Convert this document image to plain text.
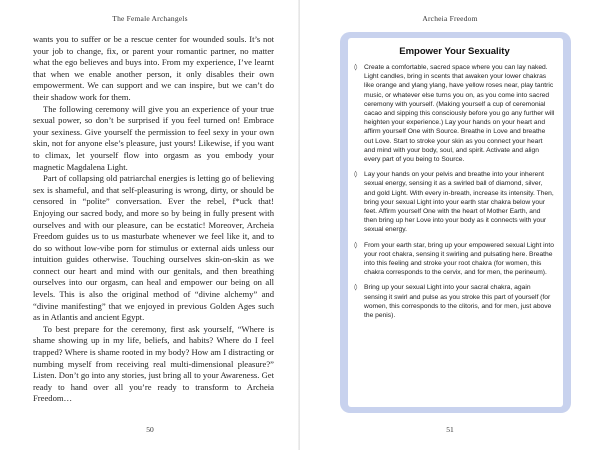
The Female Archangels

wants you to suffer or be a rescue center for wounded souls. It’s not your job to change, fix, or parent your romantic partner, no matter what the ego believes and buys into. From my experience, I’ve learnt that when we enable another person, it only disables their own empowerment. We can support and we can inspire, but we can’t do their shadow work for them.

The following ceremony will give you an experience of your true sexual power, so don’t be surprised if you feel turned on! Embrace your sexiness. Give yourself the permission to feel sexy in your own skin, not for anyone else’s pleasure, just yours! Likewise, if you want to climax, let yourself flow into orgasm as you embody your magnetic Magdalena Light.

Part of collapsing old patriarchal energies is letting go of believing sex is shameful, and that self-pleasuring is wrong, dirty, or should be censored in “polite” conversation. Ever the rebel, f*uck that! Enjoying our sacred body, and more so by being in fully present with ourselves and with our pleasure, can be ecstatic! Moreover, Archeia Freedom guides us to us masturbate whenever we feel like it, and to do so without low-vibe porn for stimulus or external aids unless our intuition guides otherwise. Touching ourselves skin-on-skin as we connect our heart and mind with our genitals, and then breathing ourselves into our orgasm, can heal and empower our being on all levels. This is also the original method of “divine alchemy” and “divine manifesting” that we enjoyed in previous Golden Ages such as in Atlantis and ancient Egypt.

To best prepare for the ceremony, first ask yourself, “Where is shame showing up in my life, beliefs, and habits? Where do I feel trapped? Where is shame rooted in my body? How am I distracting or numbing myself from receiving real multi-dimensional pleasure?” Listen. Don’t go into any stories, just bring all to your Awareness. Get ready to hand over all you’re ready to transform to Archeia Freedom…

50
Archeia Freedom
Empower Your Sexuality
◊	Create a comfortable, sacred space where you can lay naked. Light candles, bring in scents that awaken your lower chakras like orange and ylang ylang, have yellow roses near, play tantric music, or whatever else turns you on, as you come into sacred ceremony with yourself. (Making yourself a cup of ceremonial cacao and sipping this consciously before you go any further will heighten your experience.) Lay your hands on your heart and affirm yourself One with Source. Breathe in Love and breathe out Love. Start to stroke your skin as you connect your heart and mind with your body, soul, and spirit. Activate and align every part of you being to Source.
◊	Lay your hands on your pelvis and breathe into your inherent sexual energy, sensing it as a swirled ball of diamond, silver, and gold Light. With every in-breath, increase its intensity. Then, bring your sexual Light into your earth star chakra below your feet. Affirm yourself One with the heart of Mother Earth, and then bring up her Love into your body as it connects with your sexual energy.
◊	From your earth star, bring up your empowered sexual Light into your root chakra, sensing it swirling and pulsating here. Breathe into this feeling and stroke your root chakra (for women, this chakra corresponds to the cervix, and for men, the perineum).
◊	Bring up your sexual Light into your sacral chakra, again sensing it swirl and pulse as you stroke this part of yourself (for women, this corresponds to the clitoris, and for men, just above the penis).
51
